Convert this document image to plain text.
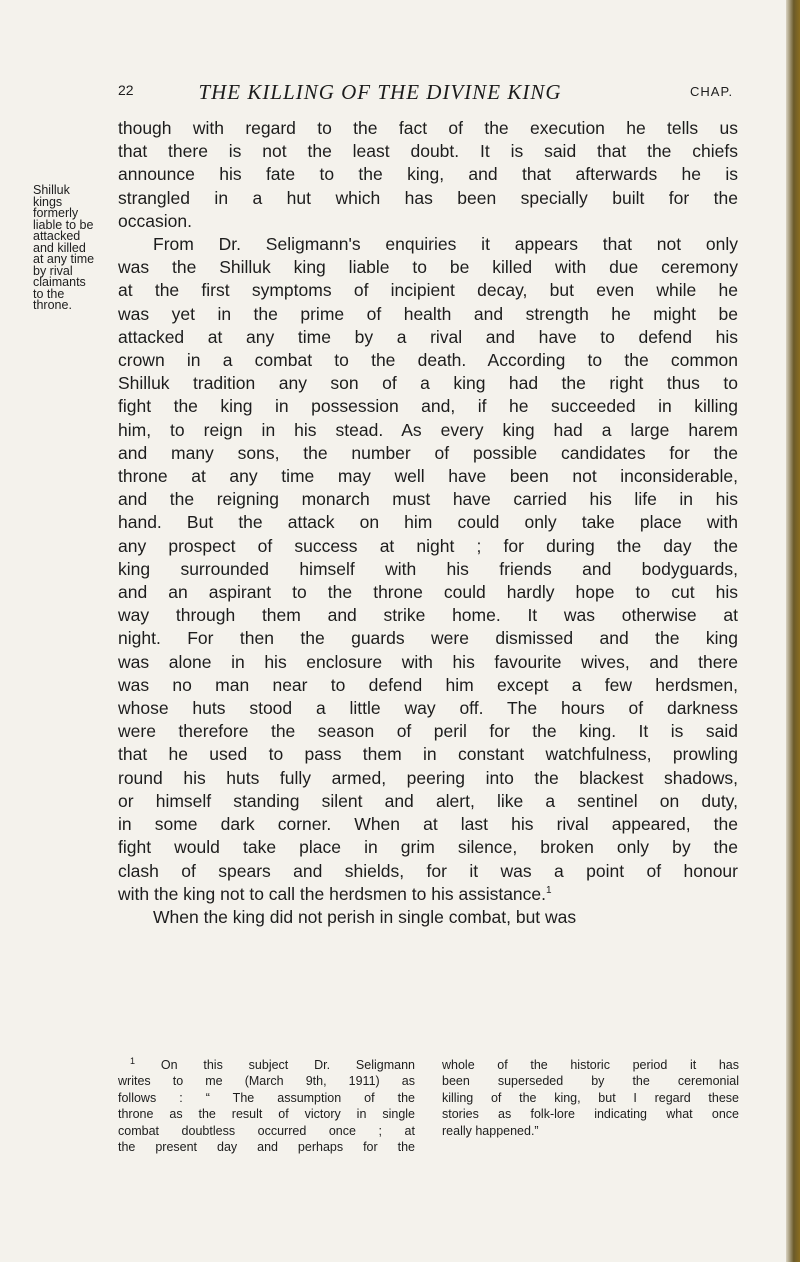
22	THE KILLING OF THE DIVINE KING	CHAP.
Shilluk
kings
formerly
liable to be
attacked
and killed
at any time
by rival
claimants
to the
throne.
though with regard to the fact of the execution he tells us
that there is not the least doubt. It is said that the chiefs
announce his fate to the king, and that afterwards he is
strangled in a hut which has been specially built for the
occasion.
From Dr. Seligmann's enquiries it appears that not only
was the Shilluk king liable to be killed with due ceremony
at the first symptoms of incipient decay, but even while he
was yet in the prime of health and strength he might be
attacked at any time by a rival and have to defend his
crown in a combat to the death. According to the common
Shilluk tradition any son of a king had the right thus to
fight the king in possession and, if he succeeded in killing
him, to reign in his stead. As every king had a large harem
and many sons, the number of possible candidates for the
throne at any time may well have been not inconsiderable,
and the reigning monarch must have carried his life in his
hand. But the attack on him could only take place with
any prospect of success at night ; for during the day the
king surrounded himself with his friends and bodyguards,
and an aspirant to the throne could hardly hope to cut his
way through them and strike home. It was otherwise at
night. For then the guards were dismissed and the king
was alone in his enclosure with his favourite wives, and there
was no man near to defend him except a few herdsmen,
whose huts stood a little way off. The hours of darkness
were therefore the season of peril for the king. It is said
that he used to pass them in constant watchfulness, prowling
round his huts fully armed, peering into the blackest shadows,
or himself standing silent and alert, like a sentinel on duty,
in some dark corner. When at last his rival appeared, the
fight would take place in grim silence, broken only by the
clash of spears and shields, for it was a point of honour
with the king not to call the herdsmen to his assistance.$^1$
When the king did not perish in single combat, but was
$^1$ On this subject Dr. Seligmann
writes to me (March 9th, 1911) as
follows : “ The assumption of the
throne as the result of victory in single
combat doubtless occurred once ; at
the present day and perhaps for the
whole of the historic period it has
been superseded by the ceremonial
killing of the king, but I regard these
stories as folk-lore indicating what once
really happened.”
